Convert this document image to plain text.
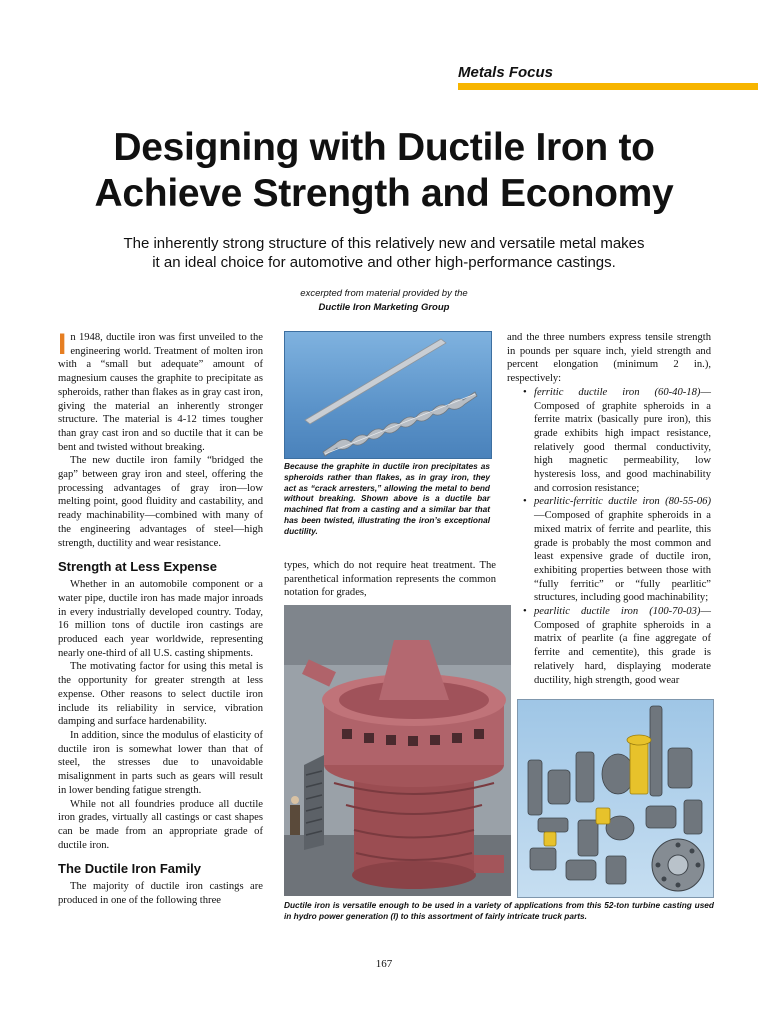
Metals Focus
Designing with Ductile Iron to
Achieve Strength and Economy
The inherently strong structure of this relatively new and versatile metal makes
it an ideal choice for automotive and other high-performance castings.
excerpted from material provided by the
Ductile Iron Marketing Group

In 1948, ductile iron was first unveiled to the engineering world. Treatment of molten iron with a “small but adequate” amount of magnesium causes the graphite to precipitate as spheroids, rather than flakes as in gray cast iron, giving the material an inherently stronger structure. The material is 4-12 times tougher than gray cast iron and so ductile that it can be bent and twisted without breaking.

The new ductile iron family “bridged the gap” between gray iron and steel, offering the processing advantages of gray iron—low melting point, good fluidity and castability, and ready machinability—combined with many of the engineering advantages of steel—high strength, ductility and wear resistance.

Strength at Less Expense

Whether in an automobile component or a water pipe, ductile iron has made major inroads in every industrially developed country. Today, 16 million tons of ductile iron castings are produced each year worldwide, representing nearly one-third of all U.S. casting shipments.

The motivating factor for using this metal is the opportunity for greater strength at less expense. Other reasons to select ductile iron include its reliability in service, vibration damping and surface hardenability.

In addition, since the modulus of elasticity of ductile iron is somewhat lower than that of steel, the stresses due to unavoidable misalignment in parts such as gears will result in lower bending fatigue strength.

While not all foundries produce all ductile iron grades, virtually all castings or cast shapes can be made from an appropriate grade of ductile iron.

The Ductile Iron Family

The majority of ductile iron castings are produced in one of the following three

Because the graphite in ductile iron precipitates as spheroids rather than flakes, as in gray iron, they act as “crack arresters,” allowing the metal to bend without breaking. Shown above is a ductile bar machined flat from a casting and a similar bar that has been twisted, illustrating the iron’s exceptional ductility.

types, which do not require heat treatment. The parenthetical information represents the common notation for grades,

and the three numbers express tensile strength in pounds per square inch, yield strength and percent elongation (minimum 2 in.), respectively:

• ferritic ductile iron (60-40-18)—Composed of graphite spheroids in a ferrite matrix (basically pure iron), this grade exhibits high impact resistance, relatively good thermal conductivity, high magnetic permeability, low hysteresis loss, and good machinability and corrosion resistance;
• pearlitic-ferritic ductile iron (80-55-06)—Composed of graphite spheroids in a mixed matrix of ferrite and pearlite, this grade is probably the most common and least expensive grade of ductile iron, exhibiting properties between those with “fully ferritic” or “fully pearlitic” structures, including good machinability;
• pearlitic ductile iron (100-70-03)—Composed of graphite spheroids in a matrix of pearlite (a fine aggregate of ferrite and cementite), this grade is relatively hard, displaying moderate ductility, high strength, good wear
Ductile iron is versatile enough to be used in a variety of applications from this 52-ton turbine casting used in hydro power generation (l) to this assortment of fairly intricate truck parts.
167
